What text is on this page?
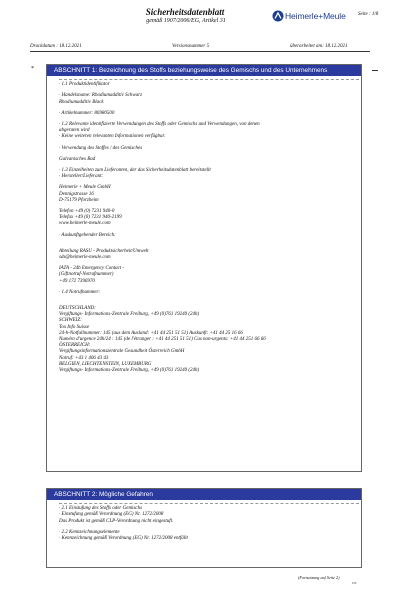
Seite : 1/8
Sicherheitsdatenblatt
gemäß 1907/2006/EG, Artikel 31	Heimerle+Meule
Druckdatum : 18.12.2021	Versionsnummer 5	überarbeitet am: 18.12.2021
*	ABSCHNITT 1: Bezeichnung des Stoffs beziehungsweise des Gemischs und des Unternehmens
· 1.1 Produktidentifikator
· Handelsname: Rhodiumadditiv Schwarz
Rhodiumadditiv Black
· Artikelnummer: 86980500
· 1.2 Relevante identifizierte Verwendungen des Stoffs oder Gemischs und Verwendungen, von denen
abgeraten wird
· Keine weiteren relevanten Informationen verfügbar.
· Verwendung des Stoffes / des Gemisches
Galvanisches Bad
· 1.3 Einzelheiten zum Lieferanten, der das Sicherheitsdatenblatt bereitstellt
· Hersteller/Lieferant:
Heimerle + Meule GmbH
Dennigstrasse 16
D-75179 Pforzheim
Telefon +49 (0) 7231 940-0
Telefax +49 (0) 7231 940-2199
www.heimerle-meule.com
· Auskunftgebender Bereich:
Abteilung RASU - Produktsicherheit/Umwelt
sds@heimerle-meule.com
IATA - 24h Emergency Contact -
(Giftnotruf-Notrufnummer)
+49 172 7396970
· 1.4 Notrufnummer:
DEUTSCHLAND:
Vergiftungs- Informations-Zentrale Freiburg, +49 (0)761 19240 (24h)
SCHWEIZ:
Tox Info Suisse
24-h-Notfallnummer: 145 (aus dem Ausland: +41 44 251 51 51) Auskunft: +41 44 25 16 66
Numéro d'urgence 24h/24 : 145 (de l'étranger : +41 44 251 51 51) Cas non-urgents: +41 44 251 66 66
ÖSTERREICH:
Vergiftungsinformationszentrale Gesundheit Österreich GmbH
Notruf: +43 1 406 43 43
BELGIEN, LIECHTENSTEIN, LUXEMBURG
Vergiftungs- Informations-Zentrale Freiburg, +49 (0)761 19240 (24h)
ABSCHNITT 2: Mögliche Gefahren
· 2.1 Einstufung des Stoffs oder Gemischs
· Einstufung gemäß Verordnung (EG) Nr. 1272/2008
Das Produkt ist gemäß CLP-Verordnung nicht eingestuft.
· 2.2 Kennzeichnungselemente
· Kennzeichnung gemäß Verordnung (EG) Nr. 1272/2008 entfällt
(Fortsetzung auf Seite 2)
DE
